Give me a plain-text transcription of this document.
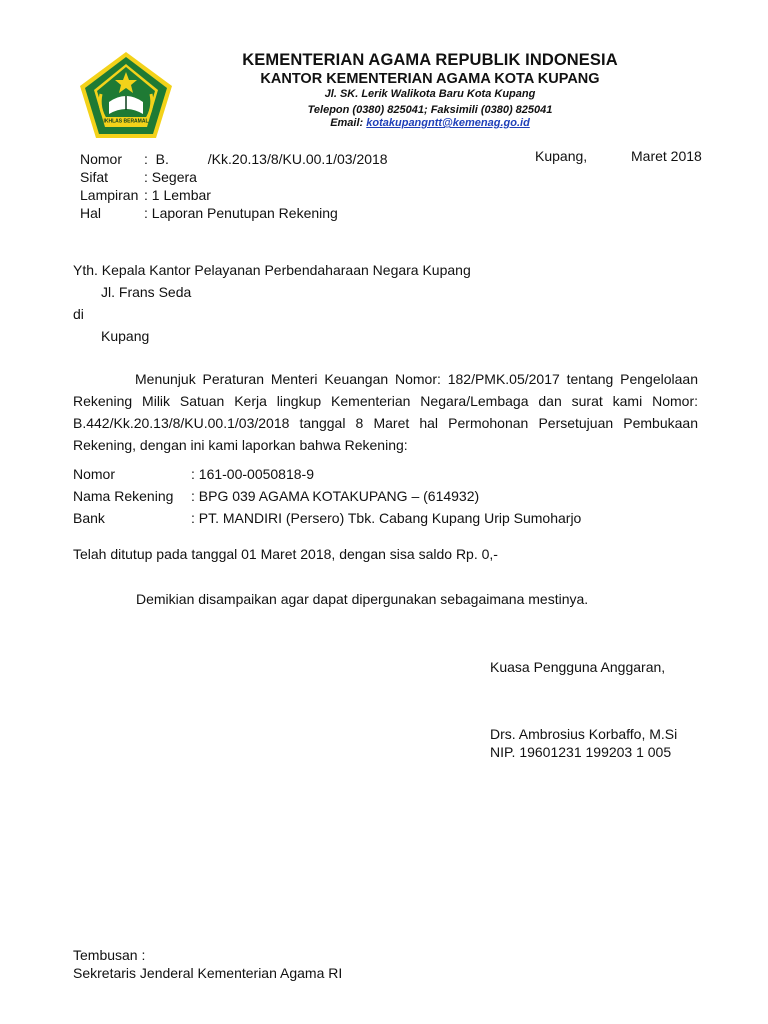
IKHLAS BERAMAL
KEMENTERIAN AGAMA REPUBLIK INDONESIA
KANTOR KEMENTERIAN AGAMA KOTA KUPANG
Jl. SK. Lerik Walikota Baru Kota Kupang
Telepon (0380) 825041; Faksimili (0380) 825041
Email: kotakupangntt@kemenag.go.id
Nomor :  B.          /Kk.20.13/8/KU.00.1/03/2018
Sifat	: Segera
Lampiran : 1 Lembar
Hal	: Laporan Penutupan Rekening
Kupang,	Maret 2018
Yth. Kepala Kantor Pelayanan Perbendaharaan Negara Kupang
Jl. Frans Seda
di
Kupang
Menunjuk Peraturan Menteri Keuangan Nomor: 182/PMK.05/2017 tentang Pengelolaan Rekening Milik Satuan Kerja lingkup Kementerian Negara/Lembaga dan surat kami Nomor: B.442/Kk.20.13/8/KU.00.1/03/2018 tanggal 8 Maret hal Permohonan Persetujuan Pembukaan Rekening, dengan ini kami laporkan bahwa Rekening:
Nomor	: 161-00-0050818-9
Nama Rekening : BPG 039 AGAMA KOTAKUPANG – (614932)
Bank	: PT. MANDIRI (Persero) Tbk. Cabang Kupang Urip Sumoharjo
Telah ditutup pada tanggal 01 Maret 2018, dengan sisa saldo Rp. 0,-
Demikian disampaikan agar dapat dipergunakan sebagaimana mestinya.
Kuasa Pengguna Anggaran,
Drs. Ambrosius Korbaffo, M.Si
NIP. 19601231 199203 1 005
Tembusan :
Sekretaris Jenderal Kementerian Agama RI
